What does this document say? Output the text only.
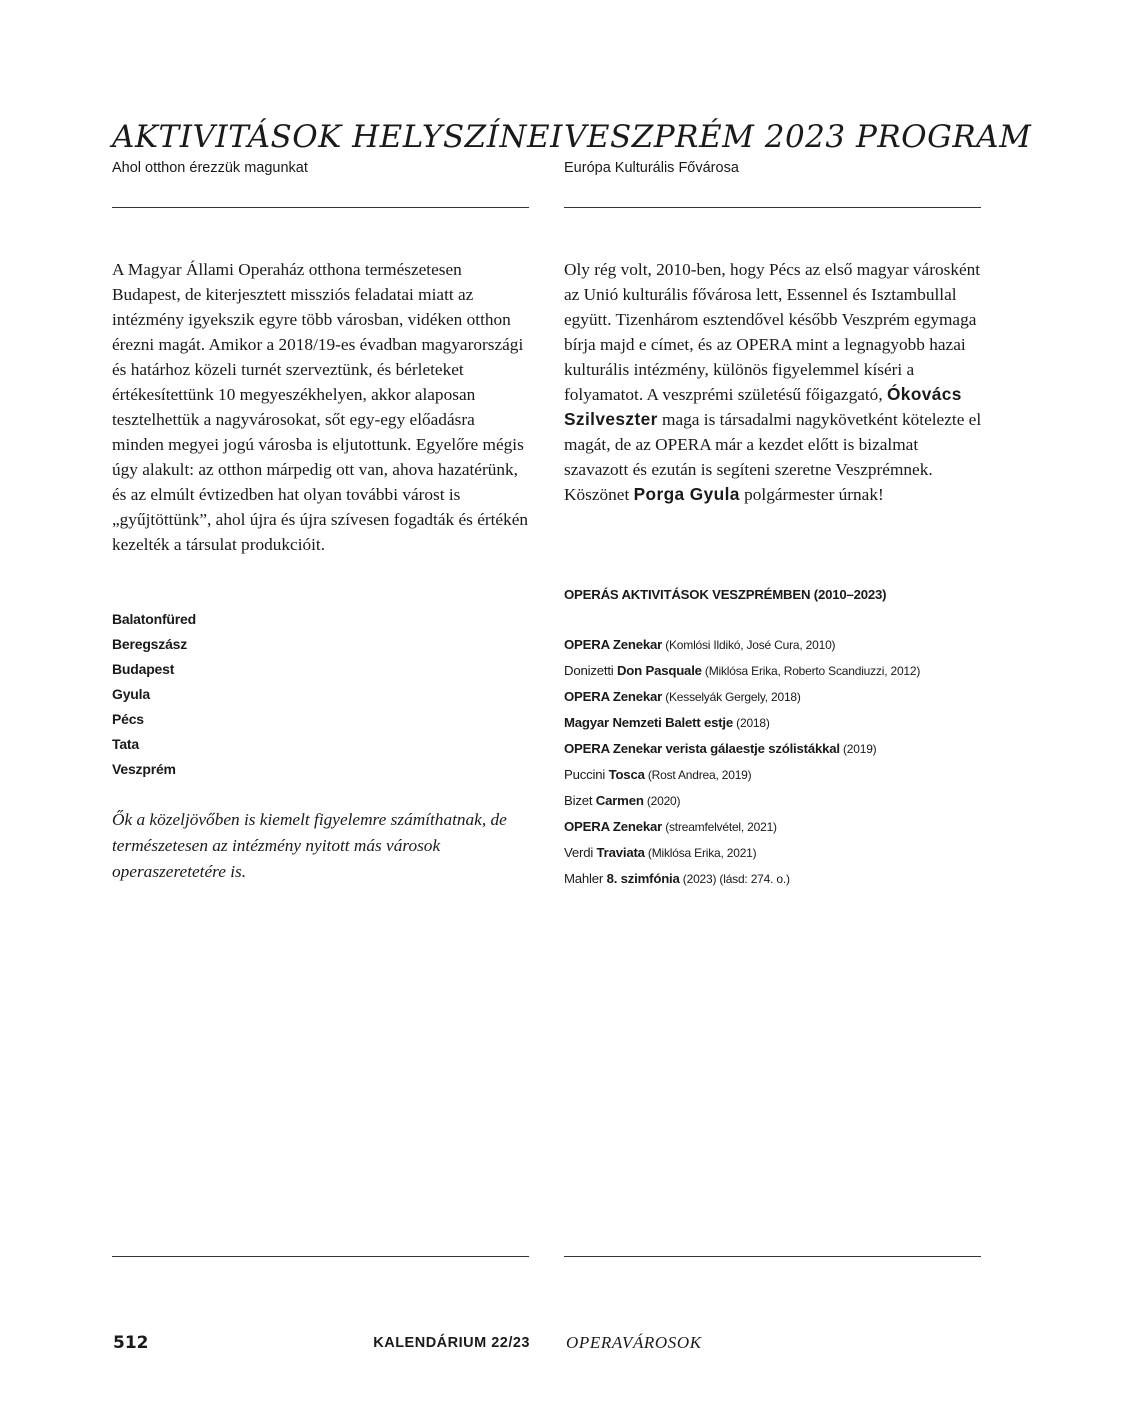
AKTIVITÁSOK HELYSZÍNEI

Ahol otthon érezzük magunkat

A Magyar Állami Operaház otthona természetesen Budapest, de kiterjesztett missziós feladatai miatt az intézmény igyekszik egyre több városban, vidéken otthon érezni magát. Amikor a 2018/19-es évadban magyarországi és határhoz közeli turnét szerveztünk, és bérleteket értékesítettünk 10 megyeszékhelyen, akkor alaposan tesztelhettük a nagyvárosokat, sőt egy-egy előadásra minden megyei jogú városba is eljutottunk. Egyelőre mégis úgy alakult: az otthon márpedig ott van, ahova hazatérünk, és az elmúlt évtizedben hat olyan további várost is „gyűjtöttünk”, ahol újra és újra szívesen fogadták és értékén kezelték a társulat produkcióit.

Balatonfüred
Beregszász
Budapest
Gyula
Pécs
Tata
Veszprém

Ők a közeljövőben is kiemelt figyelemre számíthatnak, de természetesen az intézmény nyitott más városok operaszeretetére is.

VESZPRÉM 2023 PROGRAM

Európa Kulturális Fővárosa

Oly rég volt, 2010-ben, hogy Pécs az első magyar városként az Unió kulturális fővárosa lett, Essennel és Isztambullal együtt. Tizenhárom esztendővel később Veszprém egymaga bírja majd e címet, és az OPERA mint a legnagyobb hazai kulturális intézmény, különös figyelemmel kíséri a folyamatot. A veszprémi születésű főigazgató, Ókovács Szilveszter maga is társadalmi nagykövetként kötelezte el magát, de az OPERA már a kezdet előtt is bizalmat szavazott és ezután is segíteni szeretne Veszprémnek. Köszönet Porga Gyula polgármester úrnak!

OPERÁS AKTIVITÁSOK VESZPRÉMBEN (2010–2023)

OPERA Zenekar (Komlósi Ildikó, José Cura, 2010)
Donizetti Don Pasquale (Miklósa Erika, Roberto Scandiuzzi, 2012)
OPERA Zenekar (Kesselyák Gergely, 2018)
Magyar Nemzeti Balett estje (2018)
OPERA Zenekar verista gálaestje szólistákkal (2019)
Puccini Tosca (Rost Andrea, 2019)
Bizet Carmen (2020)
OPERA Zenekar (streamfelvétel, 2021)
Verdi Traviata (Miklósa Erika, 2021)
Mahler 8. szimfónia (2023) (lásd: 274. o.)
512	KALENDÁRIUM 22/23 OPERAVÁROSOK
